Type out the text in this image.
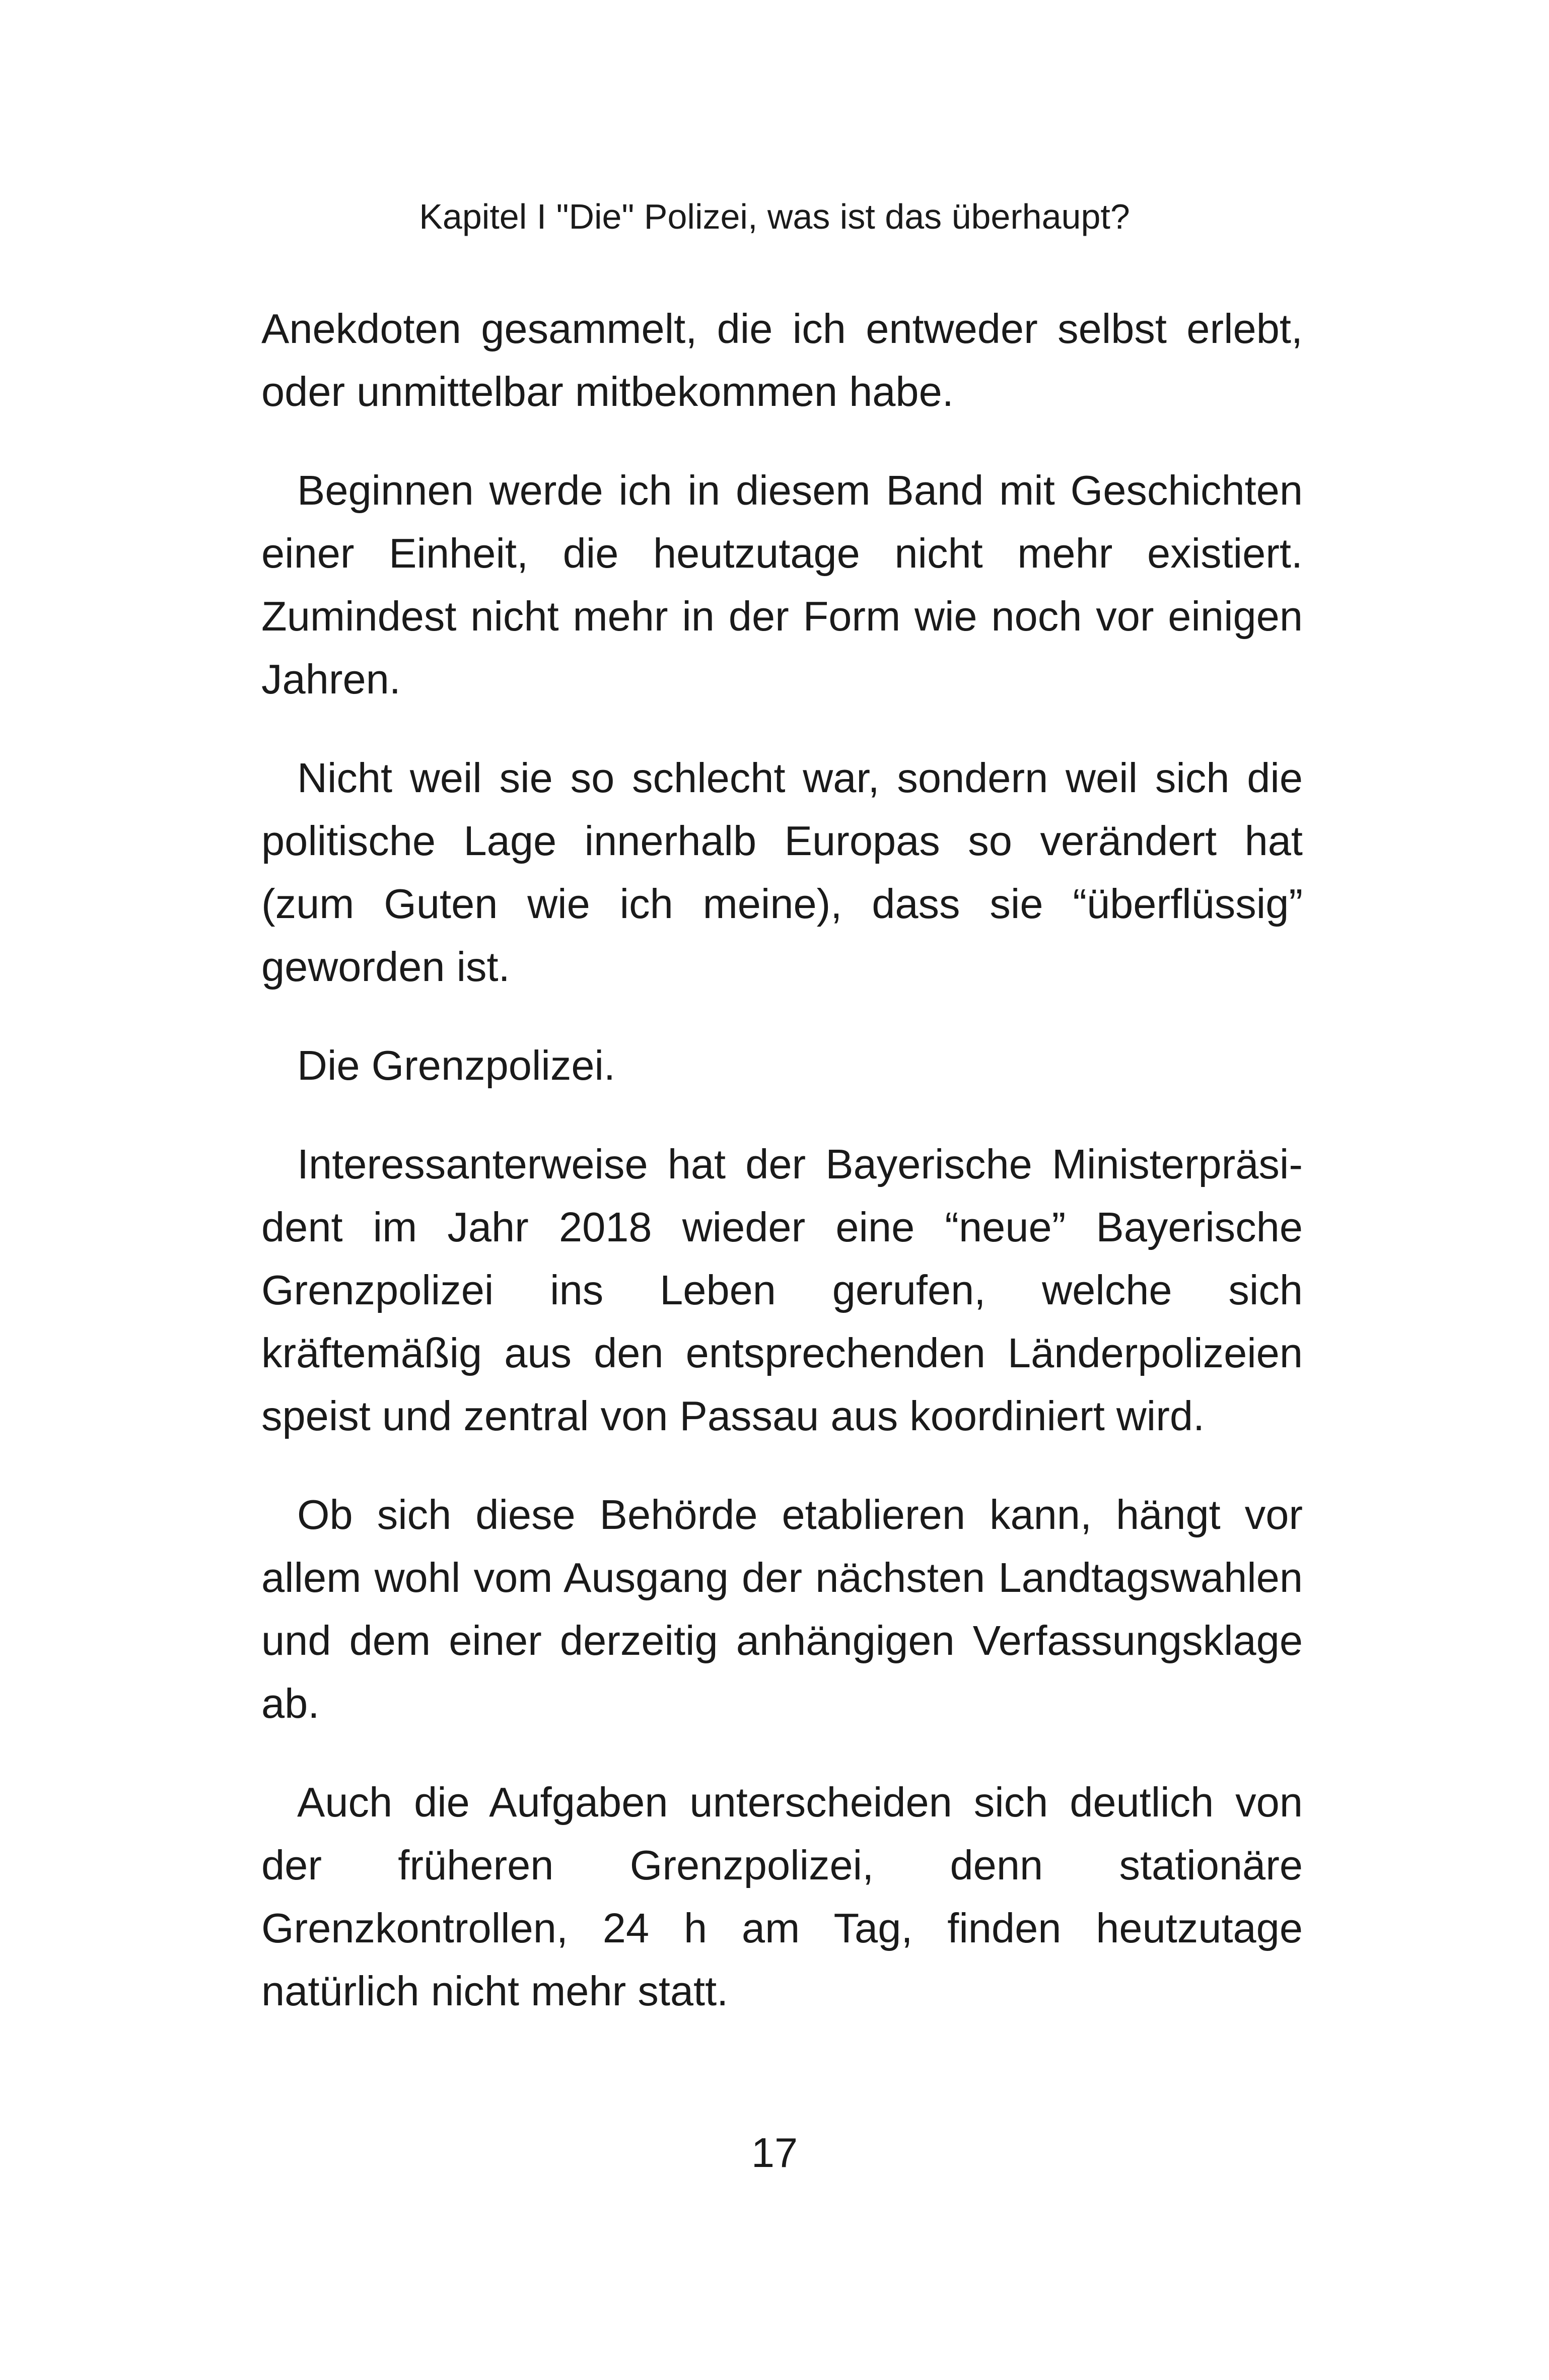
Kapitel I "Die" Polizei, was ist das überhaupt?

Anekdoten gesammelt, die ich entweder selbst erlebt, oder unmittelbar mitbekommen habe.

Beginnen werde ich in diesem Band mit Geschichten einer Einheit, die heutzutage nicht mehr existiert. Zumindest nicht mehr in der Form wie noch vor einigen Jahren.

Nicht weil sie so schlecht war, sondern weil sich die politische Lage innerhalb Europas so verändert hat (zum Guten wie ich meine), dass sie “überflüssig” geworden ist.

Die Grenzpolizei.

Interessanterweise hat der Bayerische Ministerpräsi-dent im Jahr 2018 wieder eine “neue” Bayerische Grenzpolizei ins Leben gerufen, welche sich kräftemäßig aus den entsprechenden Länderpolizeien speist und zentral von Passau aus koordiniert wird.

Ob sich diese Behörde etablieren kann, hängt vor allem wohl vom Ausgang der nächsten Landtagswahlen und dem einer derzeitig anhängigen Verfassungsklage ab.

Auch die Aufgaben unterscheiden sich deutlich von der früheren Grenzpolizei, denn stationäre Grenzkontrollen, 24 h am Tag, finden heutzutage natürlich nicht mehr statt.

17
